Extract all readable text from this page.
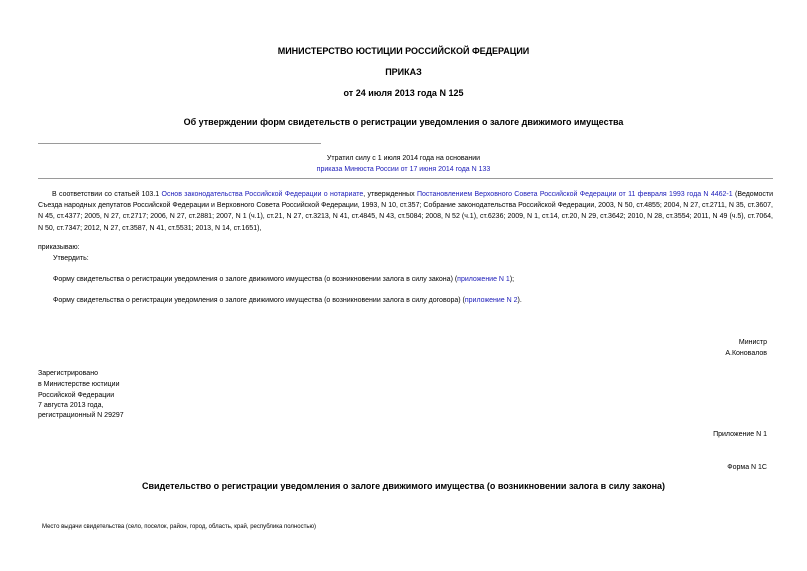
МИНИСТЕРСТВО ЮСТИЦИИ РОССИЙСКОЙ ФЕДЕРАЦИИ
ПРИКАЗ
от 24 июля 2013 года N 125
Об утверждении форм свидетельств о регистрации уведомления о залоге движимого имущества
Утратил силу с 1 июля 2014 года на основании
приказа Минюста России от 17 июня 2014 года N 133
В соответствии со статьей 103.1 Основ законодательства Российской Федерации о нотариате, утвержденных Постановлением Верховного Совета Российской Федерации от 11 февраля 1993 года N 4462-1 (Ведомости Съезда народных депутатов Российской Федерации и Верховного Совета Российской Федерации, 1993, N 10, ст.357; Собрание законодательства Российской Федерации, 2003, N 50, ст.4855; 2004, N 27, ст.2711, N 35, ст.3607, N 45, ст.4377; 2005, N 27, ст.2717; 2006, N 27, ст.2881; 2007, N 1 (ч.1), ст.21, N 27, ст.3213, N 41, ст.4845, N 43, ст.5084; 2008, N 52 (ч.1), ст.6236; 2009, N 1, ст.14, ст.20, N 29, ст.3642; 2010, N 28, ст.3554; 2011, N 49 (ч.5), ст.7064, N 50, ст.7347; 2012, N 27, ст.3587, N 41, ст.5531; 2013, N 14, ст.1651),
приказываю:
Утвердить:
Форму свидетельства о регистрации уведомления о залоге движимого имущества (о возникновении залога в силу закона) (приложение N 1);
Форму свидетельства о регистрации уведомления о залоге движимого имущества (о возникновении залога в силу договора) (приложение N 2).
Министр
А.Коновалов
Зарегистрировано
в Министерстве юстиции
Российской Федерации
7 августа 2013 года,
регистрационный N 29297
Приложение N 1
Форма N 1С
Свидетельство о регистрации уведомления о залоге движимого имущества (о возникновении залога в силу закона)
Место выдачи свидетельства (село, поселок, район, город, область, край, республика полностью)
